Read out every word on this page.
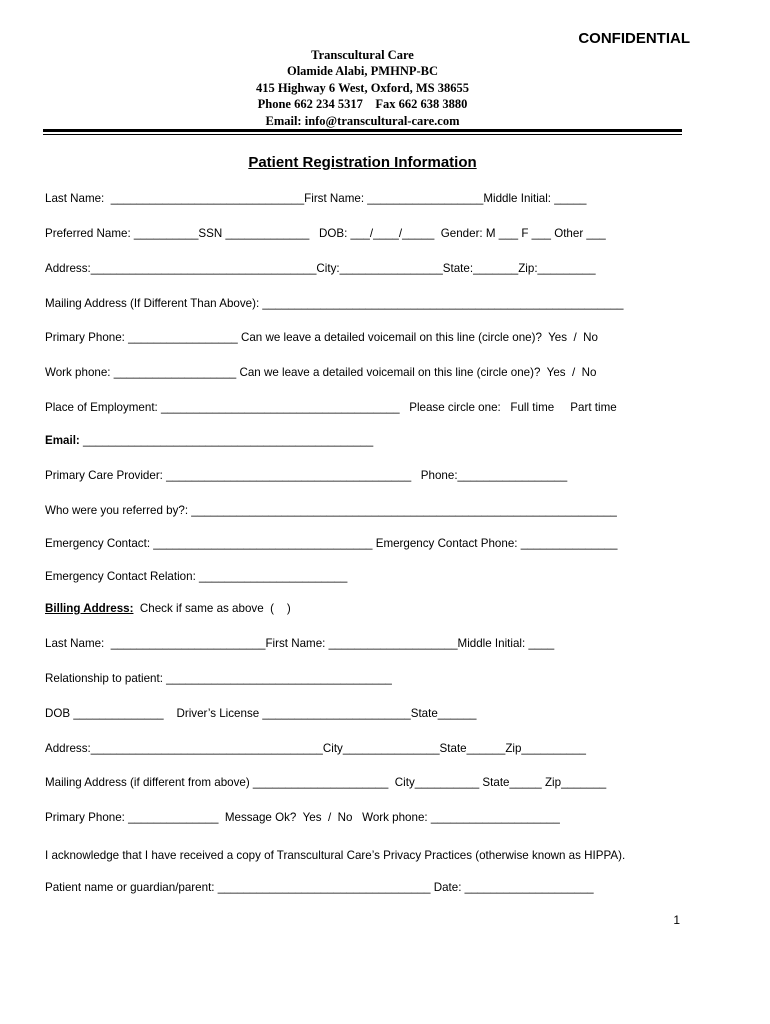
CONFIDENTIAL
Transcultural Care
Olamide Alabi, PMHNP-BC
415 Highway 6 West, Oxford, MS 38655
Phone 662 234 5317    Fax 662 638 3880
Email: info@transcultural-care.com
Patient Registration Information
Last Name:  ______________________________First Name: __________________Middle Initial: _____
Preferred Name: __________SSN _____________   DOB: ___/____/_____  Gender: M ___ F ___ Other ___
Address:___________________________________City:________________State:_______Zip:_________
Mailing Address (If Different Than Above): ________________________________________________________
Primary Phone: _________________ Can we leave a detailed voicemail on this line (circle one)?  Yes  /  No
Work phone: ___________________ Can we leave a detailed voicemail on this line (circle one)?  Yes  /  No
Place of Employment: _____________________________________   Please circle one:   Full time     Part time
Email: _____________________________________________
Primary Care Provider: ______________________________________   Phone:_________________
Who were you referred by?: __________________________________________________________________
Emergency Contact: __________________________________ Emergency Contact Phone: _______________
Emergency Contact Relation: _______________________
Billing Address:  Check if same as above  (    )
Last Name:  ________________________First Name: ____________________Middle Initial: ____
Relationship to patient: ___________________________________
DOB ______________    Driver’s License _______________________State______
Address:____________________________________City_______________State______Zip__________
Mailing Address (if different from above) _____________________  City__________ State_____ Zip_______
Primary Phone: ______________  Message Ok?  Yes  /  No   Work phone: ____________________
I acknowledge that I have received a copy of Transcultural Care’s Privacy Practices (otherwise known as HIPPA).
Patient name or guardian/parent: _________________________________ Date: ____________________
1
